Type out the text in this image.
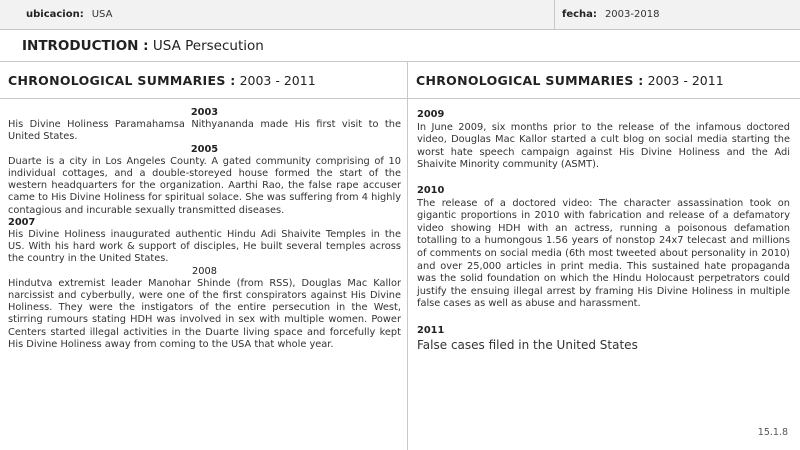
ubicacion: USA	fecha: 2003-2018
INTRODUCTION : USA Persecution
CHRONOLOGICAL SUMMARIES : 2003 - 2011
2003

His Divine Holiness Paramahamsa Nithyananda made His first visit to the United States.

2005

Duarte is a city in Los Angeles County. A gated community comprising of 10 individual cottages, and a double-storeyed house formed the start of the western headquarters for the organization. Aarthi Rao, the false rape accuser came to His Divine Holiness for spiritual solace. She was suffering from 4 highly contagious and incurable sexually transmitted diseases.

2007

His Divine Holiness inaugurated authentic Hindu Adi Shaivite Temples in the US. With his hard work & support of disciples, He built several temples across the country in the United States.

2008

Hindutva extremist leader Manohar Shinde (from RSS), Douglas Mac Kallor narcissist and cyberbully, were one of the first conspirators against His Divine Holiness. They were the instigators of the entire persecution in the West, stirring rumours stating HDH was involved in sex with multiple women. Power Centers started illegal activities in the Duarte living space and forcefully kept His Divine Holiness away from coming to the USA that whole year.

CHRONOLOGICAL SUMMARIES : 2003 - 2011
2009

In June 2009, six months prior to the release of the infamous doctored video, Douglas Mac Kallor started a cult blog on social media starting the worst hate speech campaign against His Divine Holiness and the Adi Shaivite Minority community (ASMT).

2010

The release of a doctored video: The character assassination took on gigantic proportions in 2010 with fabrication and release of a defamatory video showing HDH with an actress, running a poisonous defamation totalling to a humongous 1.56 years of nonstop 24x7 telecast and millions of comments on social media (6th most tweeted about personality in 2010) and over 25,000 articles in print media. This sustained hate propaganda was the solid foundation on which the Hindu Holocaust perpetrators could justify the ensuing illegal arrest by framing His Divine Holiness in multiple false cases as well as abuse and harassment.

2011

False cases filed in the United States

15.1.8
